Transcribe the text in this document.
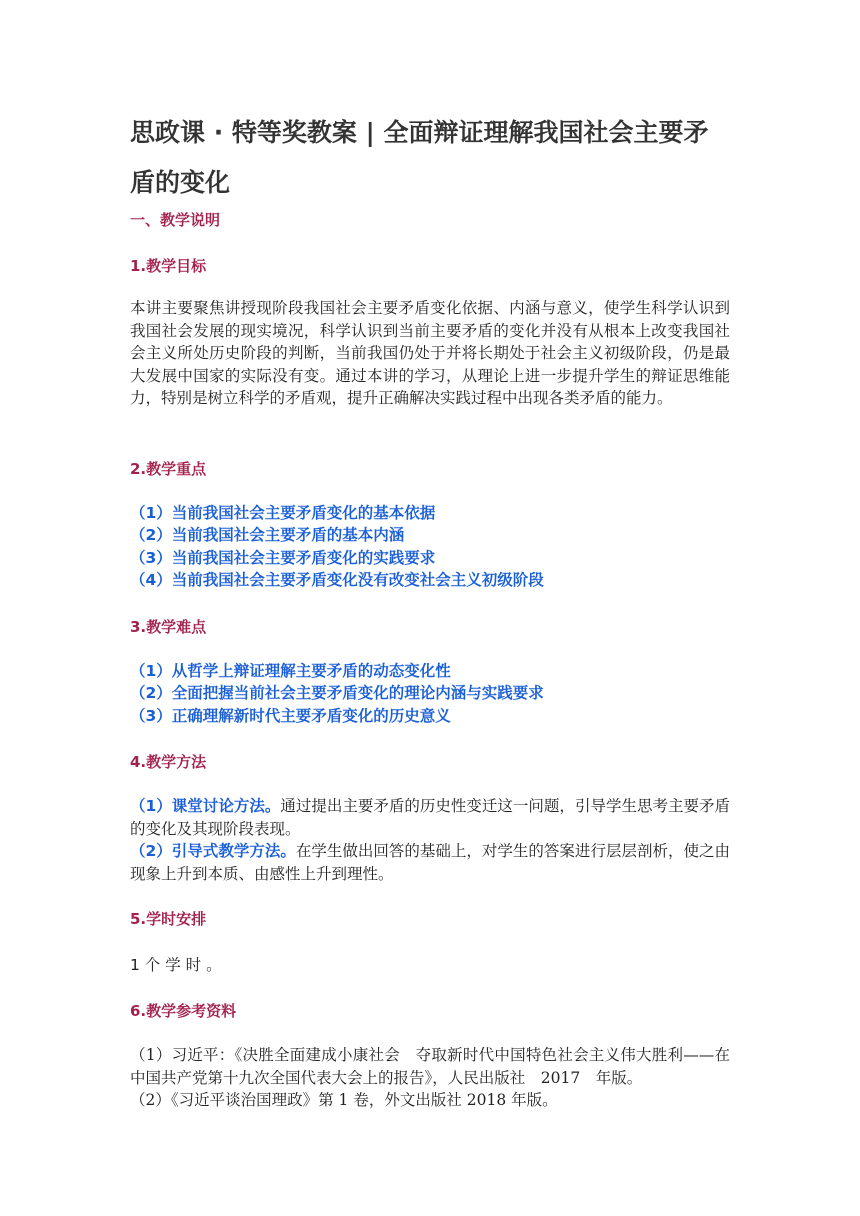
思政课 · 特等奖教案 | 全面辩证理解我国社会主要矛盾的变化
一、教学说明
1.教学目标
本讲主要聚焦讲授现阶段我国社会主要矛盾变化依据、内涵与意义，使学生科学认识到我国社会发展的现实境况，科学认识到当前主要矛盾的变化并没有从根本上改变我国社会主义所处历史阶段的判断，当前我国仍处于并将长期处于社会主义初级阶段，仍是最大发展中国家的实际没有变。通过本讲的学习，从理论上进一步提升学生的辩证思维能力，特别是树立科学的矛盾观，提升正确解决实践过程中出现各类矛盾的能力。
2.教学重点
（1）当前我国社会主要矛盾变化的基本依据
（2）当前我国社会主要矛盾的基本内涵
（3）当前我国社会主要矛盾变化的实践要求
（4）当前我国社会主要矛盾变化没有改变社会主义初级阶段
3.教学难点
（1）从哲学上辩证理解主要矛盾的动态变化性
（2）全面把握当前社会主要矛盾变化的理论内涵与实践要求
（3）正确理解新时代主要矛盾变化的历史意义
4.教学方法

（1）课堂讨论方法。通过提出主要矛盾的历史性变迁这一问题，引导学生思考主要矛盾的变化及其现阶段表现。

（2）引导式教学方法。在学生做出回答的基础上，对学生的答案进行层层剖析，使之由现象上升到本质、由感性上升到理性。

5.学时安排
1 个 学 时 。
6.教学参考资料

（1）习近平：《决胜全面建成小康社会　夺取新时代中国特色社会主义伟大胜利——在中国共产党第十九次全国代表大会上的报告》，人民出版社　2017　年版。

（2）《习近平谈治国理政》第 1 卷，外文出版社 2018 年版。
